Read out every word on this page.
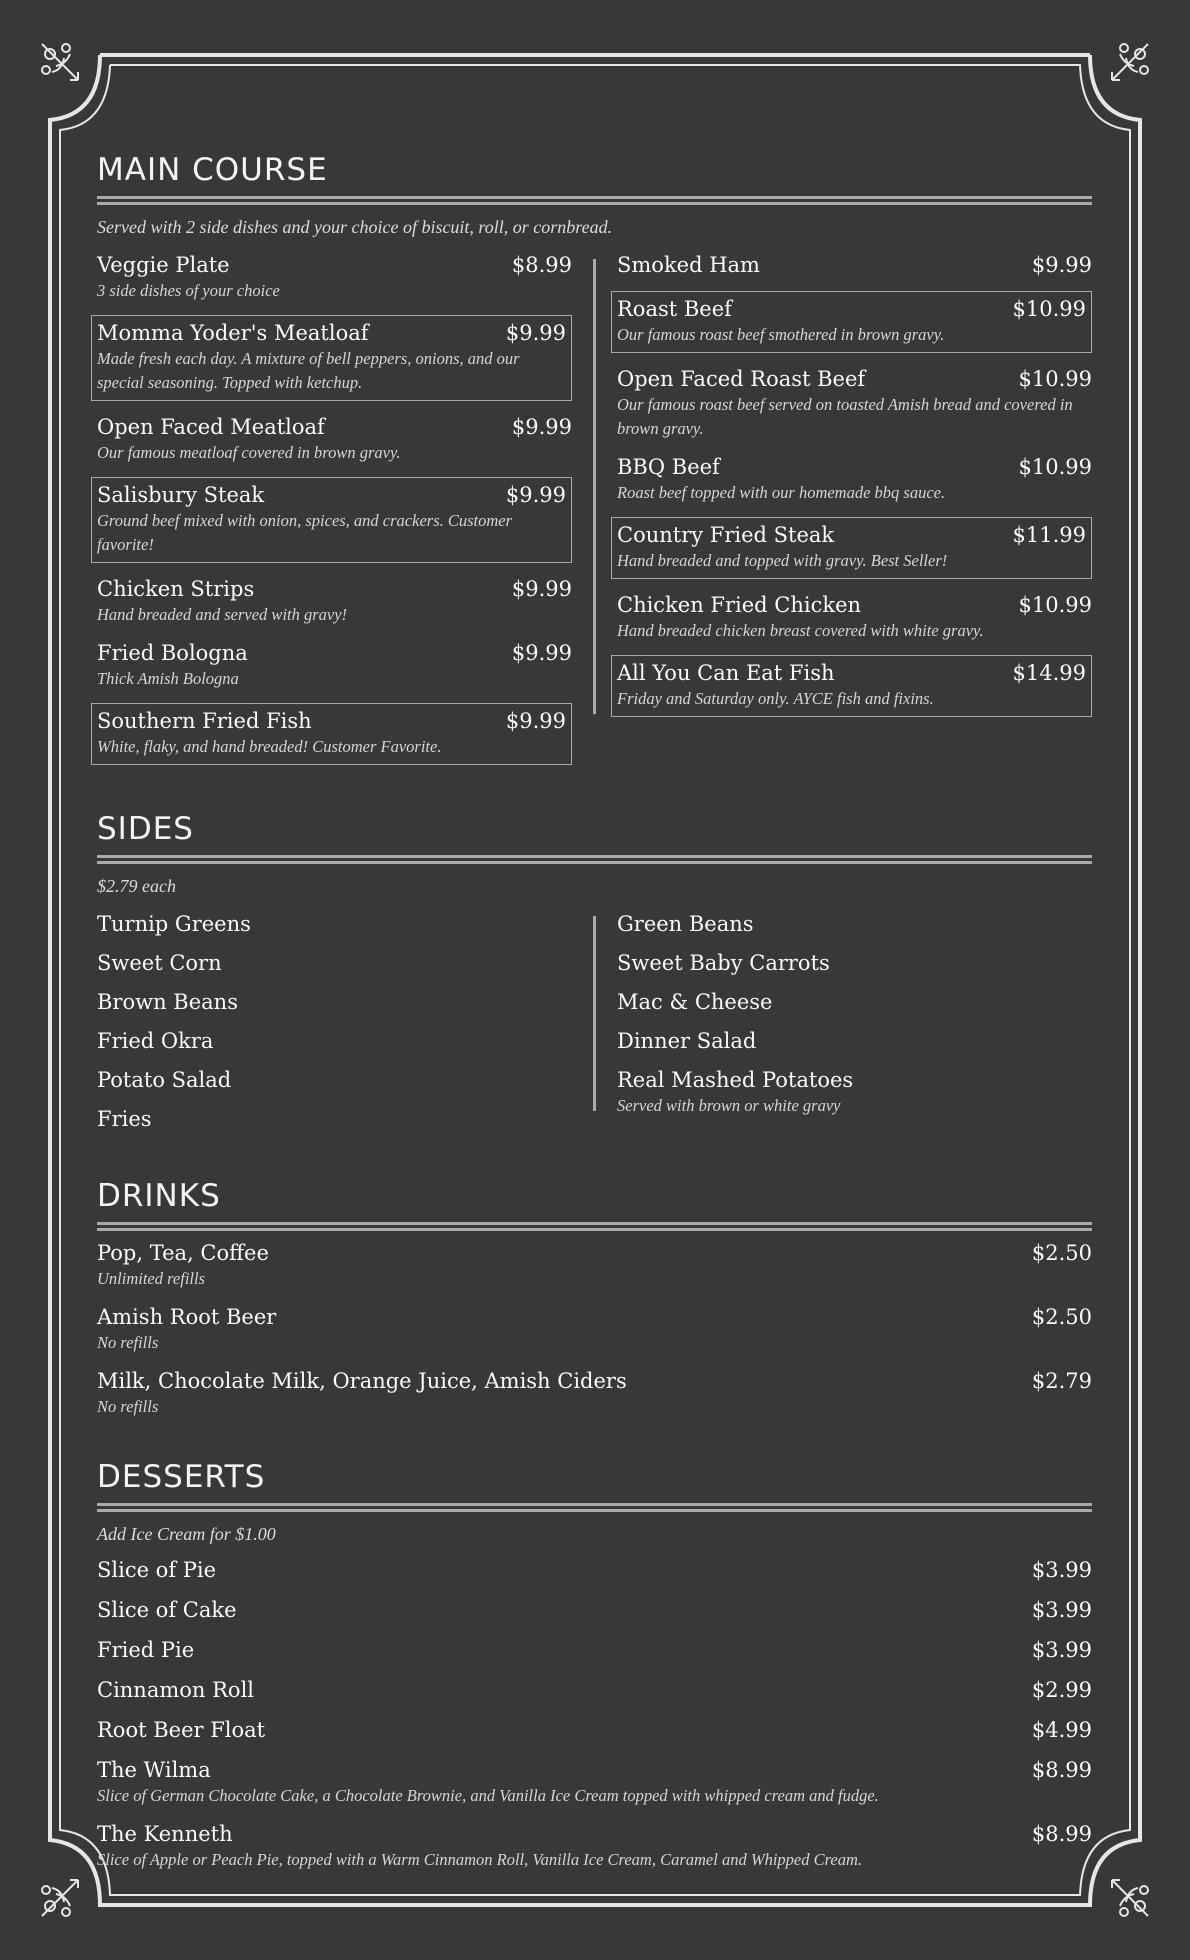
MAIN COURSE
Served with 2 side dishes and your choice of biscuit, roll, or cornbread.
Veggie Plate	$8.99
3 side dishes of your choice
Momma Yoder's Meatloaf	$9.99
Made fresh each day. A mixture of bell peppers, onions, and our special seasoning. Topped with ketchup.
Open Faced Meatloaf	$9.99
Our famous meatloaf covered in brown gravy.
Salisbury Steak	$9.99
Ground beef mixed with onion, spices, and crackers. Customer favorite!
Chicken Strips	$9.99
Hand breaded and served with gravy!
Fried Bologna	$9.99
Thick Amish Bologna
Southern Fried Fish	$9.99
White, flaky, and hand breaded! Customer Favorite.
Smoked Ham	$9.99
Roast Beef	$10.99
Our famous roast beef smothered in brown gravy.
Open Faced Roast Beef	$10.99
Our famous roast beef served on toasted Amish bread and covered in brown gravy.
BBQ Beef	$10.99
Roast beef topped with our homemade bbq sauce.
Country Fried Steak	$11.99
Hand breaded and topped with gravy. Best Seller!
Chicken Fried Chicken	$10.99
Hand breaded chicken breast covered with white gravy.
All You Can Eat Fish	$14.99
Friday and Saturday only. AYCE fish and fixins.
SIDES
$2.79 each
Turnip Greens
Sweet Corn
Brown Beans
Fried Okra
Potato Salad
Fries
Green Beans
Sweet Baby Carrots
Mac & Cheese
Dinner Salad
Real Mashed Potatoes
Served with brown or white gravy
DRINKS
Pop, Tea, Coffee	$2.50
Unlimited refills
Amish Root Beer	$2.50
No refills
Milk, Chocolate Milk, Orange Juice, Amish Ciders	$2.79
No refills
DESSERTS
Add Ice Cream for $1.00
Slice of Pie	$3.99
Slice of Cake	$3.99
Fried Pie	$3.99
Cinnamon Roll	$2.99
Root Beer Float	$4.99
The Wilma	$8.99
Slice of German Chocolate Cake, a Chocolate Brownie, and Vanilla Ice Cream topped with whipped cream and fudge.
The Kenneth	$8.99
Slice of Apple or Peach Pie, topped with a Warm Cinnamon Roll, Vanilla Ice Cream, Caramel and Whipped Cream.
